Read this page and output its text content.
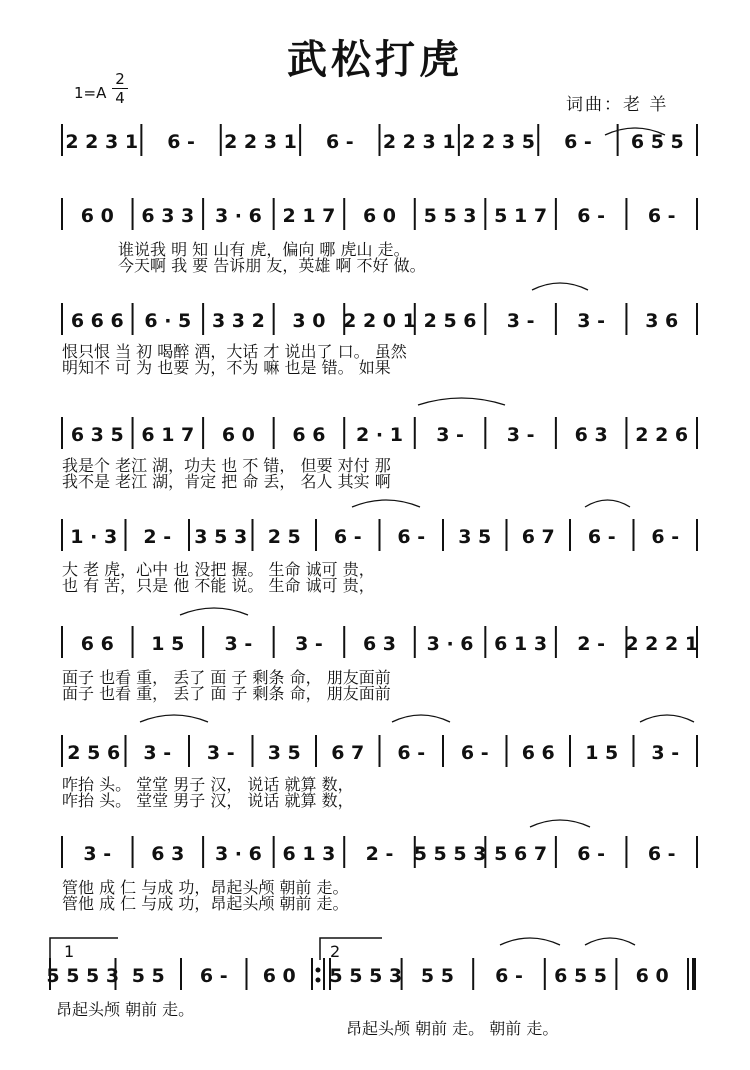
武松打虎
$1=A \frac{2}{4}$	词曲：老 羊
2 2 3 1 6 - 2 2 3 1 6 - 2 2 3 1 2 2 3 5 6 - 6 5 5
6 0 6 3 3 3 · 6 2 1 7 6 0 5 5 3 5 1 7 6 - 6 -
谁说我 明 知 山有 虎，偏向 哪 虎山 走。
今天啊 我 要 告诉朋 友，英雄 啊 不好 做。
6 6 6 6 · 5 3 3 2 3 0 2 2 0 1 2 5 6 3 - 3 - 3 6
恨只恨 当 初 喝醉 酒，大话 才 说出了 口。 虽然
明知不 可 为 也要 为，不为 嘛 也是 错。 如果
6 3 5 6 1 7 6 0 6 6 2 · 1 3 - 3 - 6 3 2 2 6
我是个 老江 湖，功夫 也 不 错， 但要 对付 那
我不是 老江 湖，肯定 把 命 丢， 名人 其实 啊
1 · 3 2 - 3 5 3 2 5 6 - 6 - 3 5 6 7 6 - 6 -
大 老 虎，心中 也 没把 握。 生命 诚可 贵，
也 有 苦，只是 他 不能 说。 生命 诚可 贵，
6 6 1 5 3 - 3 - 6 3 3 · 6 6 1 3 2 - 2 2 2 1
面子 也看 重， 丢了 面 子 剩条 命， 朋友面前
面子 也看 重， 丢了 面 子 剩条 命， 朋友面前
2 5 6 3 - 3 - 3 5 6 7 6 - 6 - 6 6 1 5 3 -
咋抬 头。 堂堂 男子 汉， 说话 就算 数，
咋抬 头。 堂堂 男子 汉， 说话 就算 数，
3 - 6 3 3 · 6 6 1 3 2 - 5 5 5 3 5 6 7 6 - 6 -
管他 成 仁 与成 功，昂起头颅 朝前 走。
管他 成 仁 与成 功，昂起头颅 朝前 走。
1	2
5 5 5 3 5 5 6 - 6 0 5 5 5 3 5 5 6 - 6 5 5 6 0
昂起头颅 朝前 走。
昂起头颅 朝前 走。 朝前 走。
